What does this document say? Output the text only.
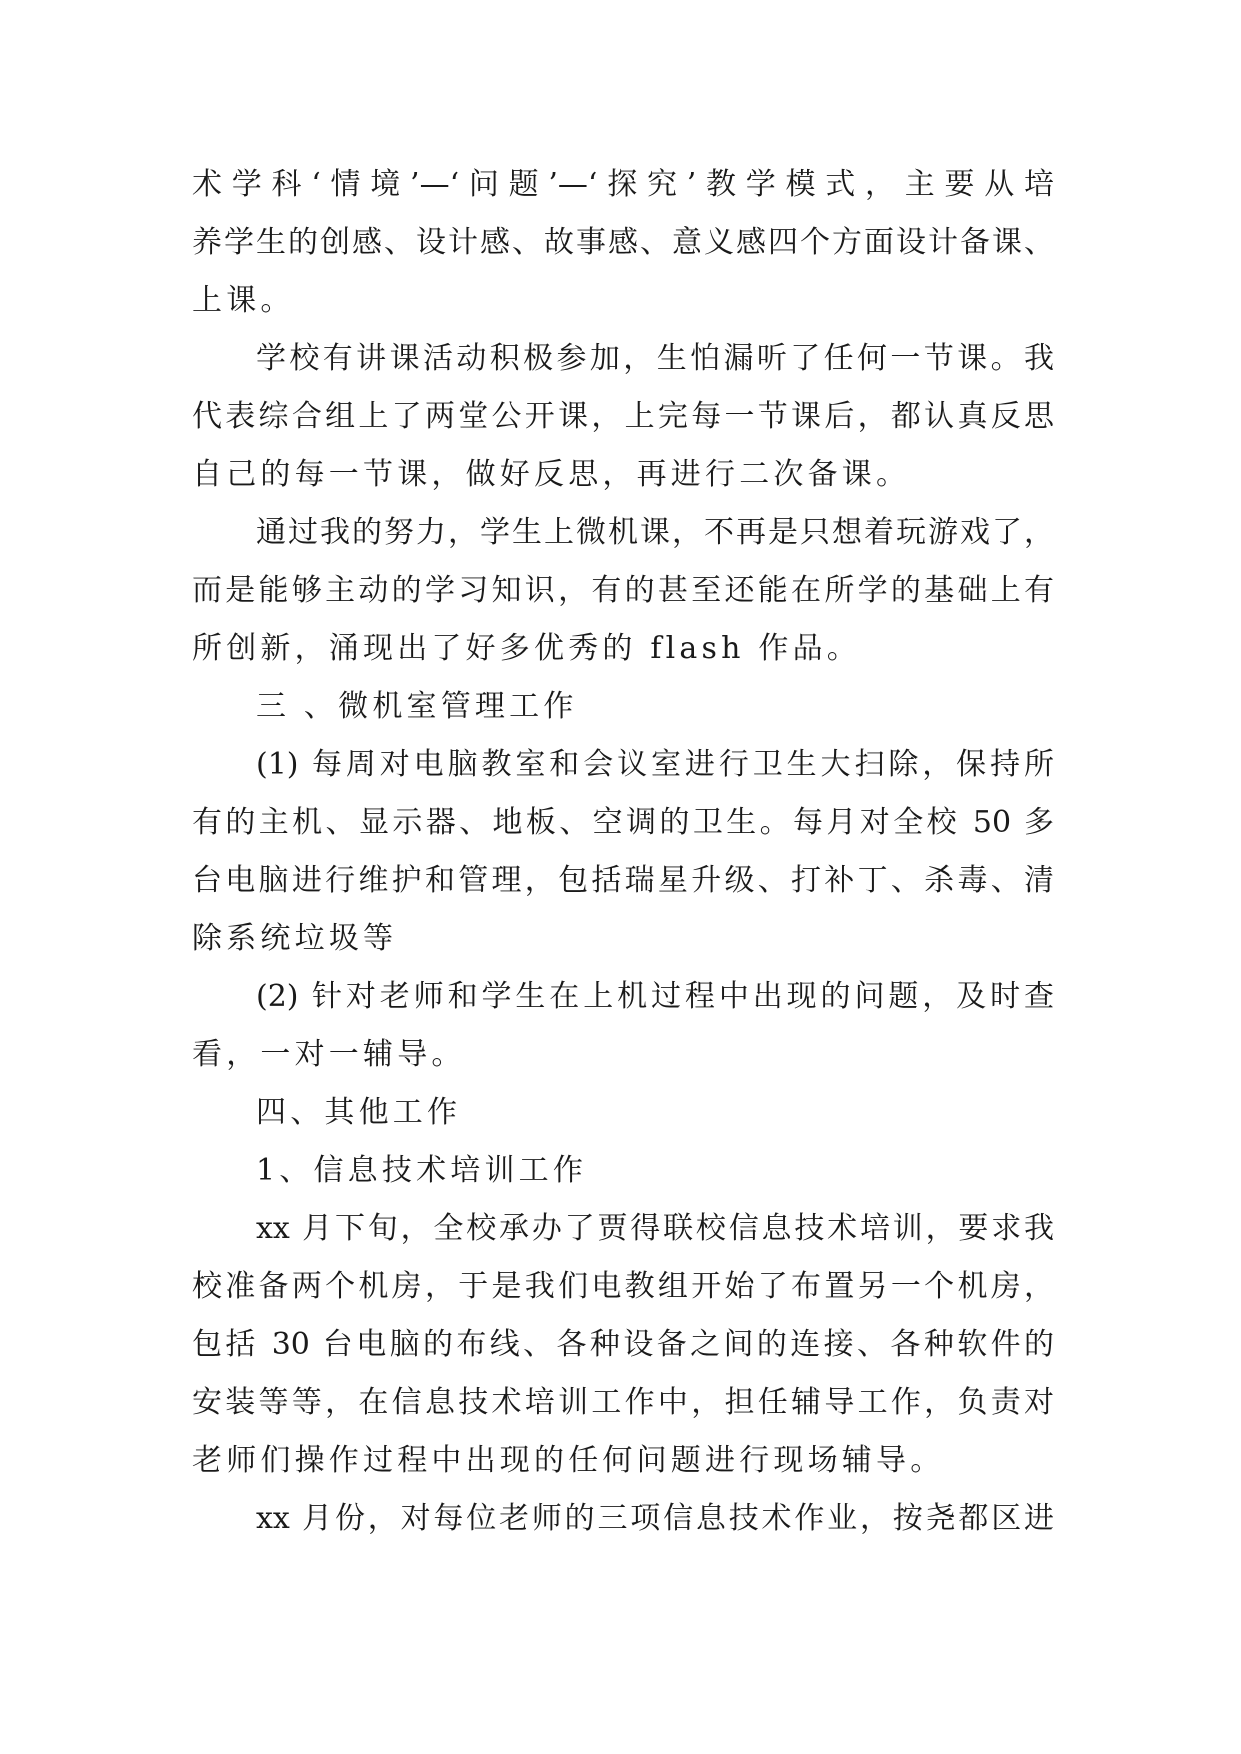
术学科‘情境’—‘问题’—‘探究’教学模式，主要从培
养学生的创感、设计感、故事感、意义感四个方面设计备课、
上课。
学校有讲课活动积极参加，生怕漏听了任何一节课。我
代表综合组上了两堂公开课，上完每一节课后，都认真反思
自己的每一节课，做好反思，再进行二次备课。
通过我的努力，学生上微机课，不再是只想着玩游戏了，
而是能够主动的学习知识，有的甚至还能在所学的基础上有
所创新，涌现出了好多优秀的 flash 作品。
三 、微机室管理工作
(1) 每周对电脑教室和会议室进行卫生大扫除，保持所
有的主机、显示器、地板、空调的卫生。每月对全校 50 多
台电脑进行维护和管理，包括瑞星升级、打补丁、杀毒、清
除系统垃圾等
(2) 针对老师和学生在上机过程中出现的问题，及时查
看，一对一辅导。
四、其他工作
1、信息技术培训工作
xx 月下旬，全校承办了贾得联校信息技术培训，要求我
校准备两个机房，于是我们电教组开始了布置另一个机房，
包括 30 台电脑的布线、各种设备之间的连接、各种软件的
安装等等，在信息技术培训工作中，担任辅导工作，负责对
老师们操作过程中出现的任何问题进行现场辅导。
xx 月份，对每位老师的三项信息技术作业，按尧都区进
